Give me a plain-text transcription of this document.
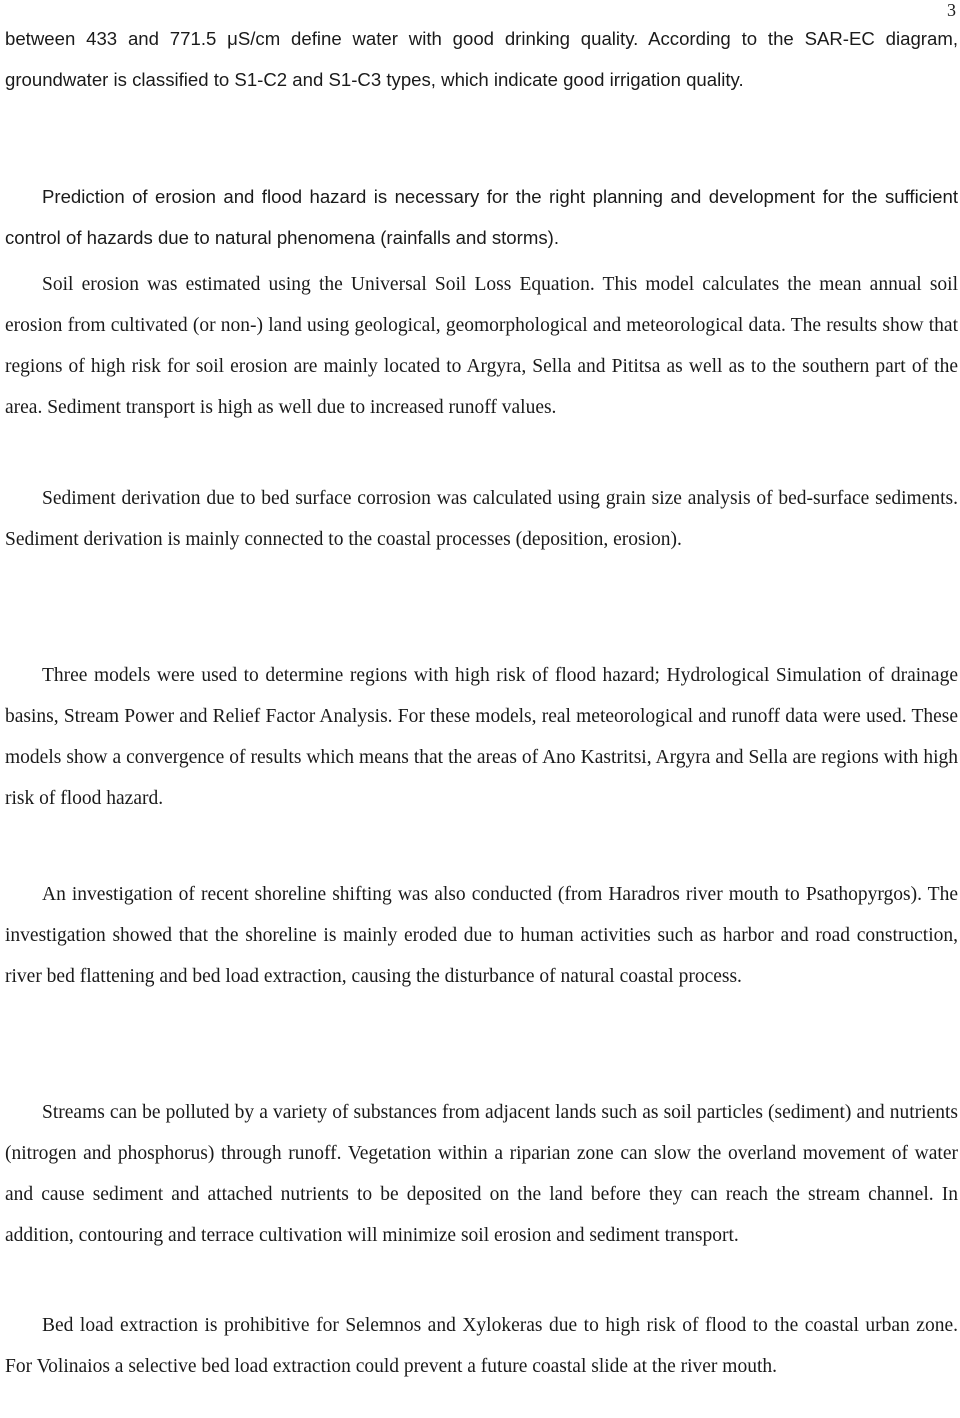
3

between 433 and 771.5 μS/cm define water with good drinking quality. According to the SAR-EC diagram, groundwater is classified to S1-C2 and S1-C3 types, which indicate good irrigation quality.

Prediction of erosion and flood hazard is necessary for the right planning and development for the sufficient control of hazards due to natural phenomena (rainfalls and storms).

Soil erosion was estimated using the Universal Soil Loss Equation. This model calculates the mean annual soil erosion from cultivated (or non-) land using geological, geomorphological and meteorological data. The results show that regions of high risk for soil erosion are mainly located to Argyra, Sella and Pititsa as well as to the southern part of the area. Sediment transport is high as well due to increased runoff values.

Sediment derivation due to bed surface corrosion was calculated using grain size analysis of bed-surface sediments. Sediment derivation is mainly connected to the coastal processes (deposition, erosion).

Three models were used to determine regions with high risk of flood hazard; Hydrological Simulation of drainage basins, Stream Power and Relief Factor Analysis. For these models, real meteorological and runoff data were used. These models show a convergence of results which means that the areas of Ano Kastritsi, Argyra and Sella are regions with high risk of flood hazard.

An investigation of recent shoreline shifting was also conducted (from Haradros river mouth to Psathopyrgos). The investigation showed that the shoreline is mainly eroded due to human activities such as harbor and road construction, river bed flattening and bed load extraction, causing the disturbance of natural coastal process.

Streams can be polluted by a variety of substances from adjacent lands such as soil particles (sediment) and nutrients (nitrogen and phosphorus) through runoff. Vegetation within a riparian zone can slow the overland movement of water and cause sediment and attached nutrients to be deposited on the land before they can reach the stream channel. In addition, contouring and terrace cultivation will minimize soil erosion and sediment transport.

Bed load extraction is prohibitive for Selemnos and Xylokeras due to high risk of flood to the coastal urban zone. For Volinaios a selective bed load extraction could prevent a future coastal slide at the river mouth.
